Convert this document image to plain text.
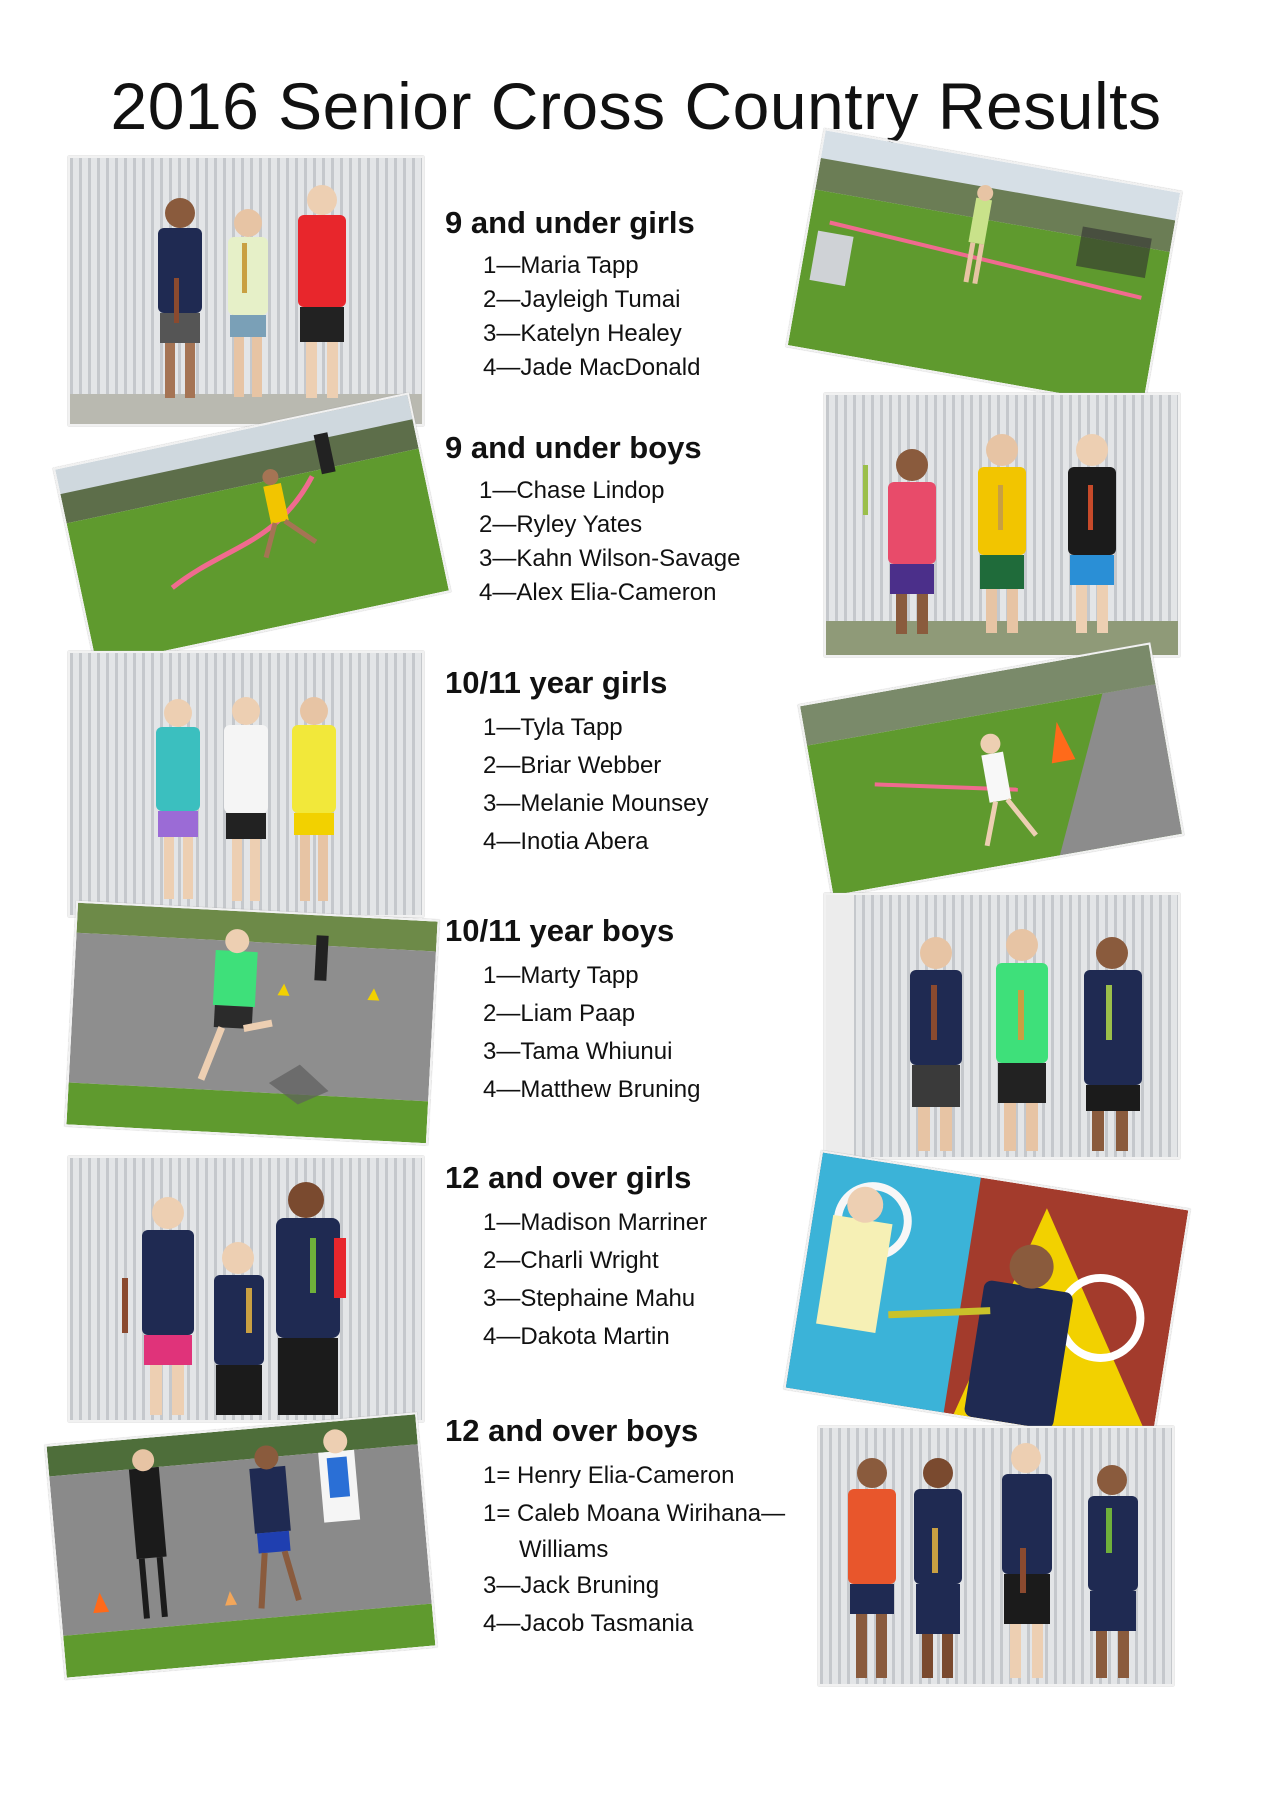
2016 Senior Cross Country Results
9 and under girls
1—Maria Tapp
2—Jayleigh Tumai
3—Katelyn Healey
4—Jade MacDonald
9 and under boys
1—Chase Lindop
2—Ryley Yates
3—Kahn Wilson-Savage
4—Alex Elia-Cameron
10/11 year girls
1—Tyla Tapp
2—Briar Webber
3—Melanie Mounsey
4—Inotia Abera
10/11 year boys
1—Marty Tapp
2—Liam Paap
3—Tama Whiunui
4—Matthew Bruning
12 and over girls
1—Madison Marriner
2—Charli Wright
3—Stephaine Mahu
4—Dakota Martin
12 and over boys
1= Henry Elia-Cameron
1= Caleb Moana Wirihana—
Williams
3—Jack Bruning
4—Jacob Tasmania
